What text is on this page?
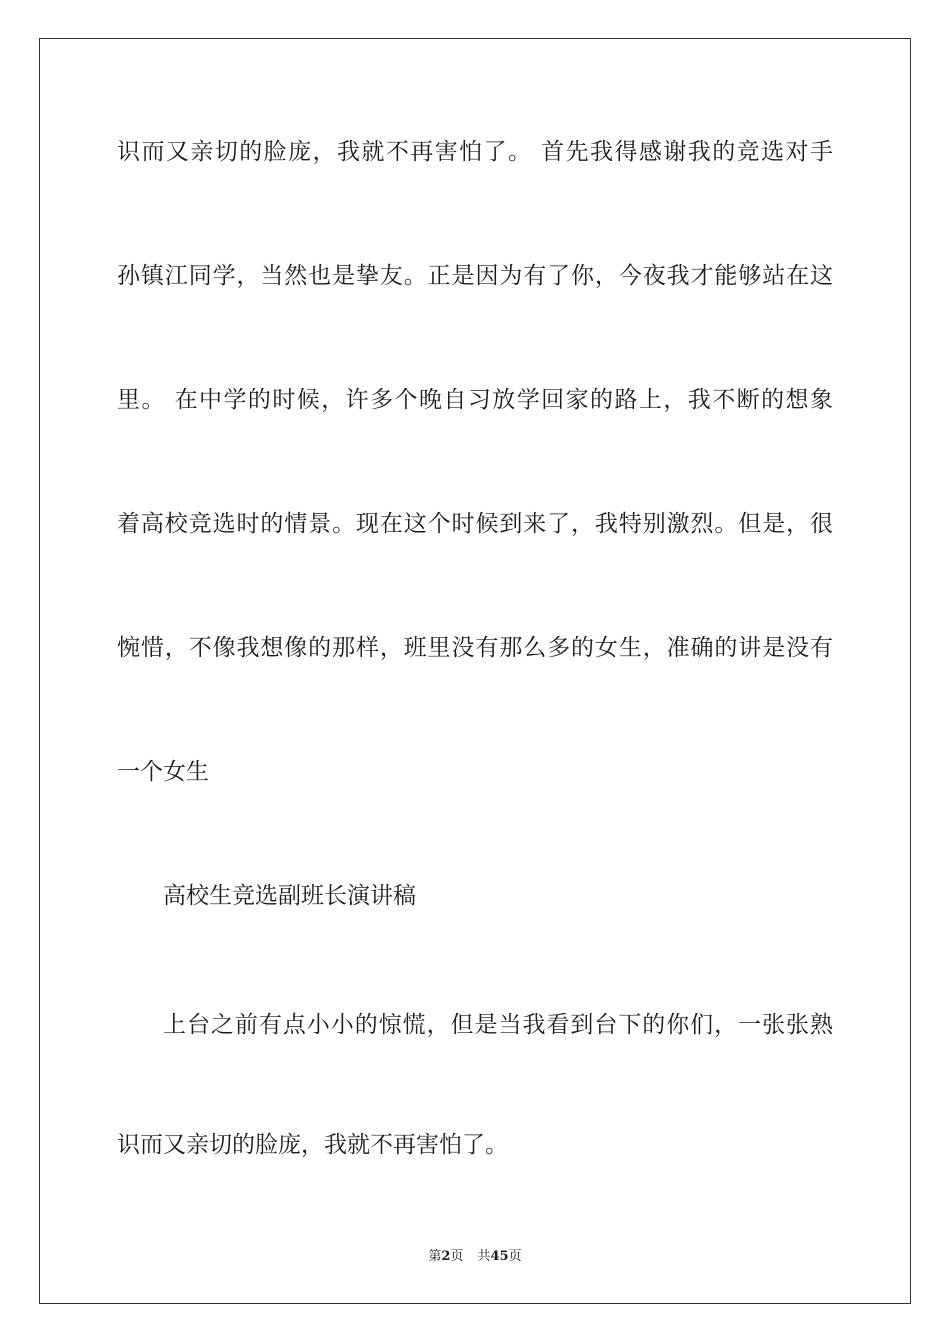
识而又亲切的脸庞，我就不再害怕了。 首先我得感谢我的竞选对手
孙镇江同学，当然也是挚友。正是因为有了你，今夜我才能够站在这
里。 在中学的时候，许多个晚自习放学回家的路上，我不断的想象
着高校竞选时的情景。现在这个时候到来了，我特别激烈。但是，很
惋惜，不像我想像的那样，班里没有那么多的女生，准确的讲是没有
一个女生
高校生竞选副班长演讲稿
上台之前有点小小的惊慌，但是当我看到台下的你们，一张张熟
识而又亲切的脸庞，我就不再害怕了。
第2页 共45页
